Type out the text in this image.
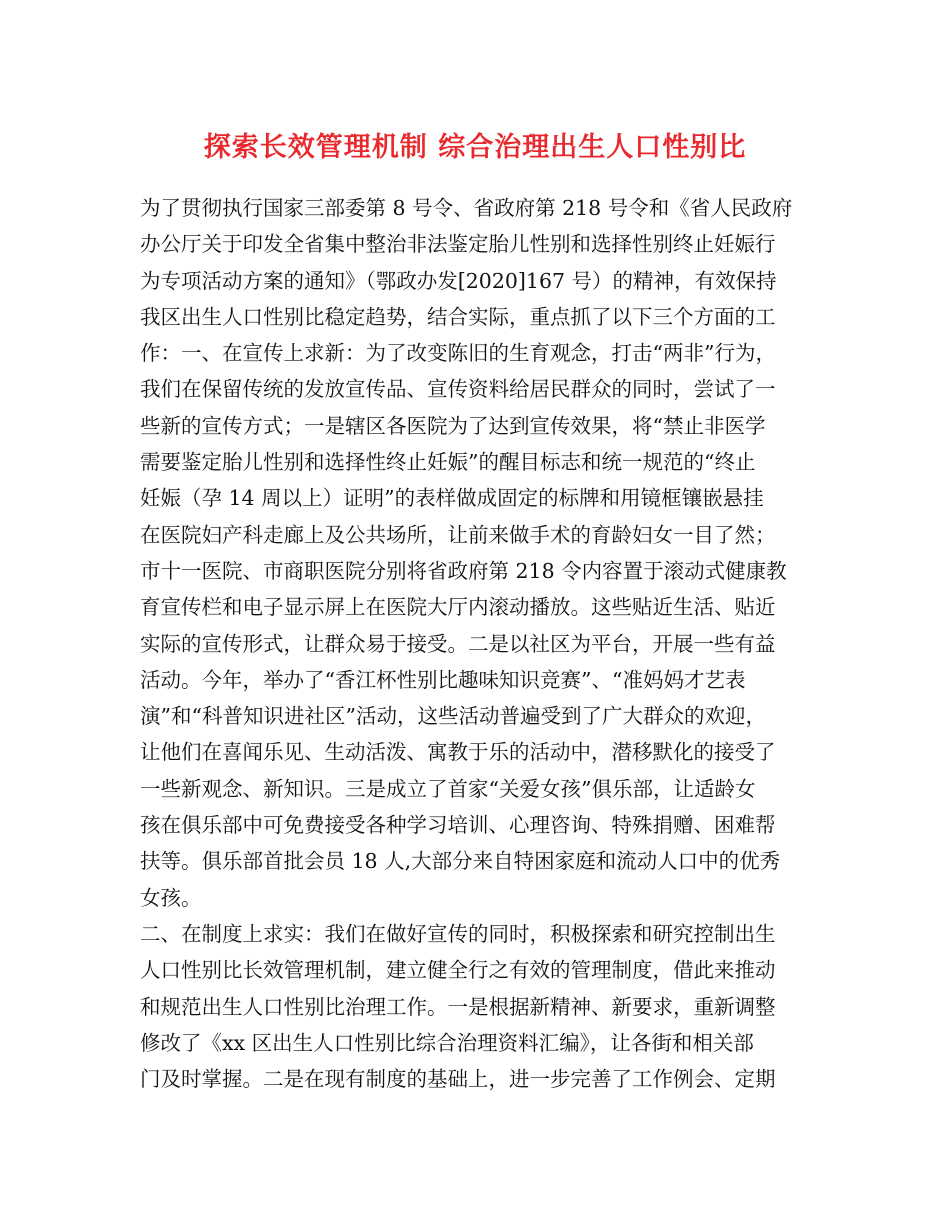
探索长效管理机制 综合治理出生人口性别比
为了贯彻执行国家三部委第 8 号令、省政府第 218 号令和《省人民政府
办公厅关于印发全省集中整治非法鉴定胎儿性别和选择性别终止妊娠行
为专项活动方案的通知》（鄂政办发[2020]167 号）的精神，有效保持
我区出生人口性别比稳定趋势，结合实际，重点抓了以下三个方面的工
作：一、在宣传上求新：为了改变陈旧的生育观念，打击“两非”行为，
我们在保留传统的发放宣传品、宣传资料给居民群众的同时，尝试了一
些新的宣传方式；一是辖区各医院为了达到宣传效果，将“禁止非医学
需要鉴定胎儿性别和选择性终止妊娠”的醒目标志和统一规范的“终止
妊娠（孕 14 周以上）证明”的表样做成固定的标牌和用镜框镶嵌悬挂
在医院妇产科走廊上及公共场所，让前来做手术的育龄妇女一目了然；
市十一医院、市商职医院分别将省政府第 218 令内容置于滚动式健康教
育宣传栏和电子显示屏上在医院大厅内滚动播放。这些贴近生活、贴近
实际的宣传形式，让群众易于接受。二是以社区为平台，开展一些有益
活动。今年，举办了“香江杯性别比趣味知识竞赛”、“准妈妈才艺表
演”和“科普知识进社区”活动，这些活动普遍受到了广大群众的欢迎，
让他们在喜闻乐见、生动活泼、寓教于乐的活动中，潜移默化的接受了
一些新观念、新知识。三是成立了首家“关爱女孩”俱乐部，让适龄女
孩在俱乐部中可免费接受各种学习培训、心理咨询、特殊捐赠、困难帮
扶等。俱乐部首批会员 18 人,大部分来自特困家庭和流动人口中的优秀
女孩。
二、在制度上求实：我们在做好宣传的同时，积极探索和研究控制出生
人口性别比长效管理机制，建立健全行之有效的管理制度，借此来推动
和规范出生人口性别比治理工作。一是根据新精神、新要求，重新调整
修改了《xx 区出生人口性别比综合治理资料汇编》，让各街和相关部
门及时掌握。二是在现有制度的基础上，进一步完善了工作例会、定期
